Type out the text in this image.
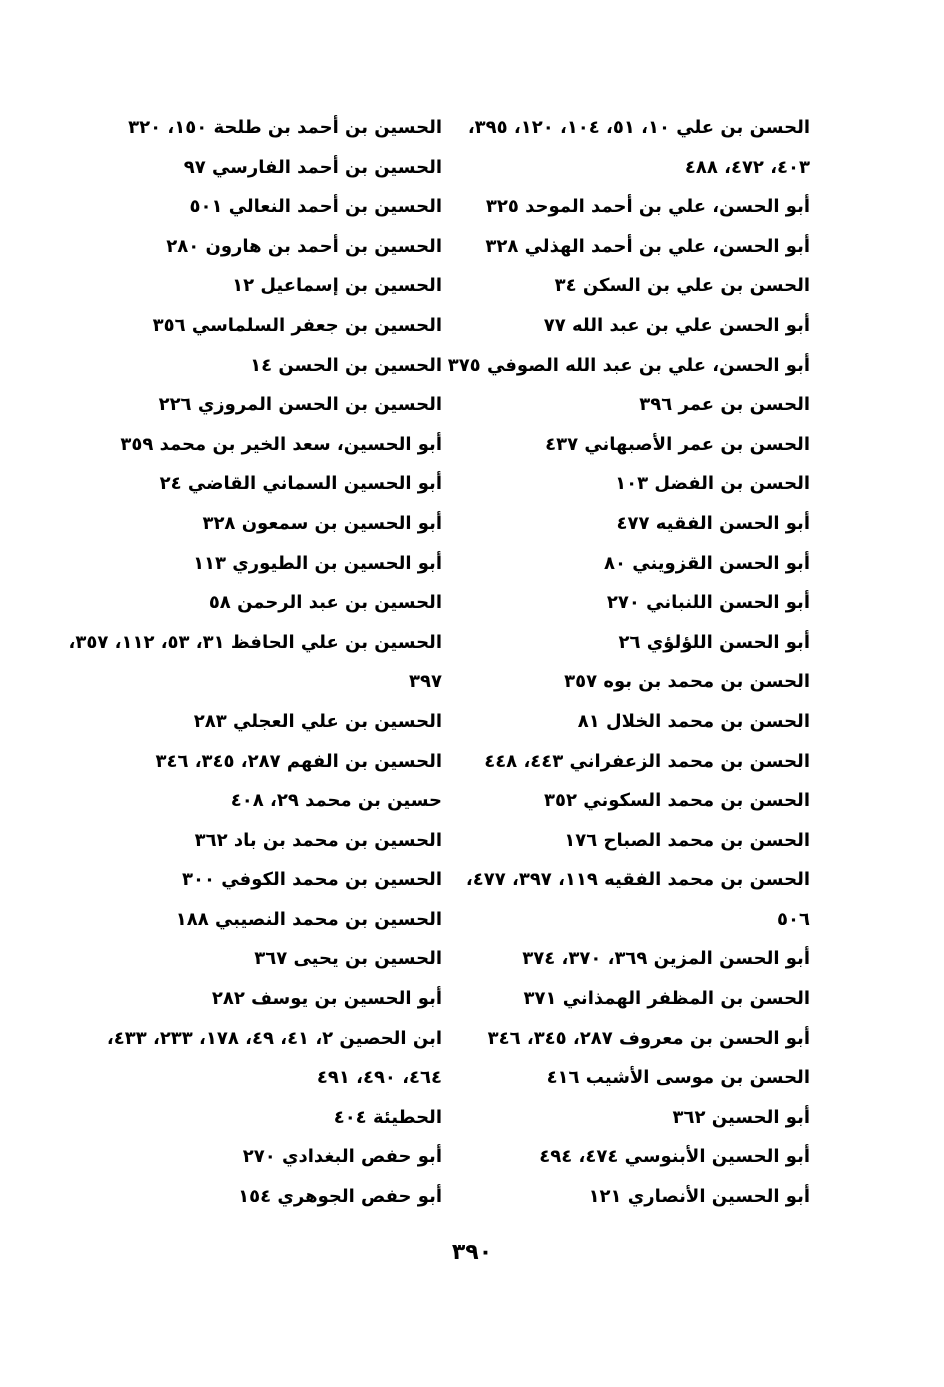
الحسن بن علي ١٠، ٥١، ١٠٤، ١٢٠، ٣٩٥،
٤٠٣، ٤٧٢، ٤٨٨
أبو الحسن، علي بن أحمد الموحد ٣٢٥
أبو الحسن، علي بن أحمد الهذلي ٣٢٨
الحسن بن علي بن السكن ٣٤
أبو الحسن علي بن عبد الله ٧٧
أبو الحسن، علي بن عبد الله الصوفي ٣٧٥
الحسن بن عمر ٣٩٦
الحسن بن عمر الأصبهاني ٤٣٧
الحسن بن الفضل ١٠٣
أبو الحسن الفقيه ٤٧٧
أبو الحسن القزويني ٨٠
أبو الحسن اللنباني ٢٧٠
أبو الحسن اللؤلؤي ٢٦
الحسن بن محمد بن بوه ٣٥٧
الحسن بن محمد الخلال ٨١
الحسن بن محمد الزعفراني ٤٤٣، ٤٤٨
الحسن بن محمد السكوني ٣٥٢
الحسن بن محمد الصباح ١٧٦
الحسن بن محمد الفقيه ١١٩، ٣٩٧، ٤٧٧،
٥٠٦
أبو الحسن المزين ٣٦٩، ٣٧٠، ٣٧٤
الحسن بن المظفر الهمذاني ٣٧١
أبو الحسن بن معروف ٢٨٧، ٣٤٥، ٣٤٦
الحسن بن موسى الأشيب ٤١٦
أبو الحسين ٣٦٢
أبو الحسين الأبنوسي ٤٧٤، ٤٩٤
أبو الحسين الأنصاري ١٢١
الحسين بن أحمد بن طلحة ١٥٠، ٣٢٠
الحسين بن أحمد الفارسي ٩٧
الحسين بن أحمد النعالي ٥٠١
الحسين بن أحمد بن هارون ٢٨٠
الحسين بن إسماعيل ١٢
الحسين بن جعفر السلماسي ٣٥٦
الحسين بن الحسن ١٤
الحسين بن الحسن المروزي ٢٢٦
أبو الحسين، سعد الخير بن محمد ٣٥٩
أبو الحسين السماني القاضي ٢٤
أبو الحسين بن سمعون ٣٢٨
أبو الحسين بن الطيوري ١١٣
الحسين بن عبد الرحمن ٥٨
الحسين بن علي الحافظ ٣١، ٥٣، ١١٢، ٣٥٧،
٣٩٧
الحسين بن علي العجلي ٢٨٣
الحسين بن الفهم ٢٨٧، ٣٤٥، ٣٤٦
حسين بن محمد ٢٩، ٤٠٨
الحسين بن محمد بن باد ٣٦٢
الحسين بن محمد الكوفي ٣٠٠
الحسين بن محمد النصيبي ١٨٨
الحسين بن يحيى ٣٦٧
أبو الحسين بن يوسف ٢٨٢
ابن الحصين ٢، ٤١، ٤٩، ١٧٨، ٢٣٣، ٤٣٣،
٤٦٤، ٤٩٠، ٤٩١
الحطيئة ٤٠٤
أبو حفص البغدادي ٢٧٠
أبو حفص الجوهري ١٥٤
٣٩٠
